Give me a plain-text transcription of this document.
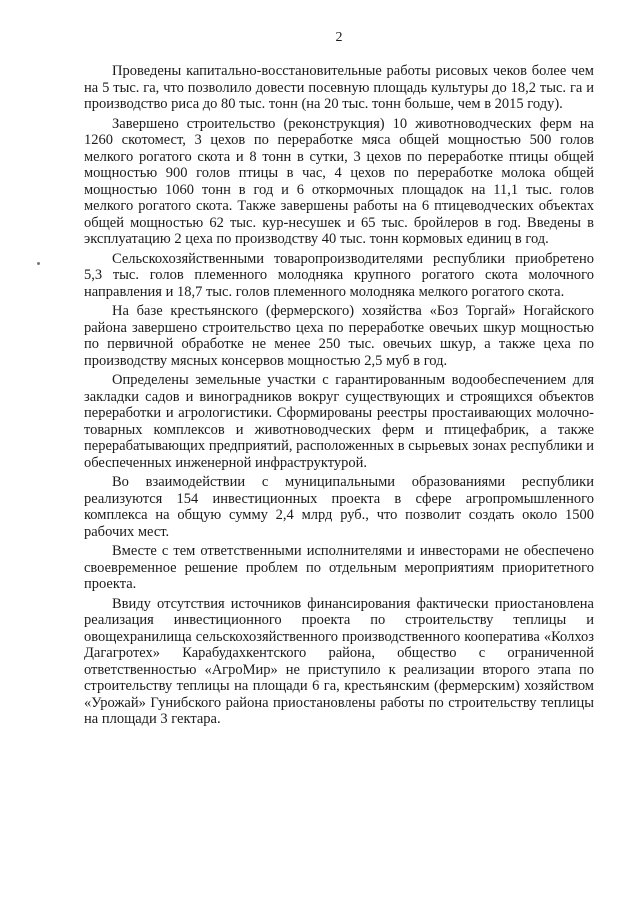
2

Проведены капитально-восстановительные работы рисовых чеков более чем на 5 тыс. га, что позволило довести посевную площадь культуры до 18,2 тыс. га и производство риса до 80 тыс. тонн (на 20 тыс. тонн больше, чем в 2015 году).

Завершено строительство (реконструкция) 10 животноводческих ферм на 1260 скотомест, 3 цехов по переработке мяса общей мощностью 500 голов мелкого рогатого скота и 8 тонн в сутки, 3 цехов по переработке птицы общей мощностью 900 голов птицы в час, 4 цехов по переработке молока общей мощностью 1060 тонн в год и 6 откормочных площадок на 11,1 тыс. голов мелкого рогатого скота. Также завершены работы на 6 птицеводческих объектах общей мощностью 62 тыс. кур-несушек и 65 тыс. бройлеров в год. Введены в эксплуатацию 2 цеха по производству 40 тыс. тонн кормовых единиц в год.

Сельскохозяйственными товаропроизводителями республики приобретено 5,3 тыс. голов племенного молодняка крупного рогатого скота молочного направления и 18,7 тыс. голов племенного молодняка мелкого рогатого скота.

На базе крестьянского (фермерского) хозяйства «Боз Торгай» Ногайского района завершено строительство цеха по переработке овечьих шкур мощностью по первичной обработке не менее 250 тыс. овечьих шкур, а также цеха по производству мясных консервов мощностью 2,5 муб в год.

Определены земельные участки с гарантированным водообеспечением для закладки садов и виноградников вокруг существующих и строящихся объектов переработки и агрологистики. Сформированы реестры простаивающих молочно-товарных комплексов и животноводческих ферм и птицефабрик, а также перерабатывающих предприятий, расположенных в сырьевых зонах республики и обеспеченных инженерной инфраструктурой.

Во взаимодействии с муниципальными образованиями республики реализуются 154 инвестиционных проекта в сфере агропромышленного комплекса на общую сумму 2,4 млрд руб., что позволит создать около 1500 рабочих мест.

Вместе с тем ответственными исполнителями и инвесторами не обеспечено своевременное решение проблем по отдельным мероприятиям приоритетного проекта.

Ввиду отсутствия источников финансирования фактически приостановлена реализация инвестиционного проекта по строительству теплицы и овощехранилища сельскохозяйственного производственного кооператива «Колхоз Дагагротех» Карабудахкентского района, общество с ограниченной ответственностью «АгроМир» не приступило к реализации второго этапа по строительству теплицы на площади 6 га, крестьянским (фермерским) хозяйством «Урожай» Гунибского района приостановлены работы по строительству теплицы на площади 3 гектара.
